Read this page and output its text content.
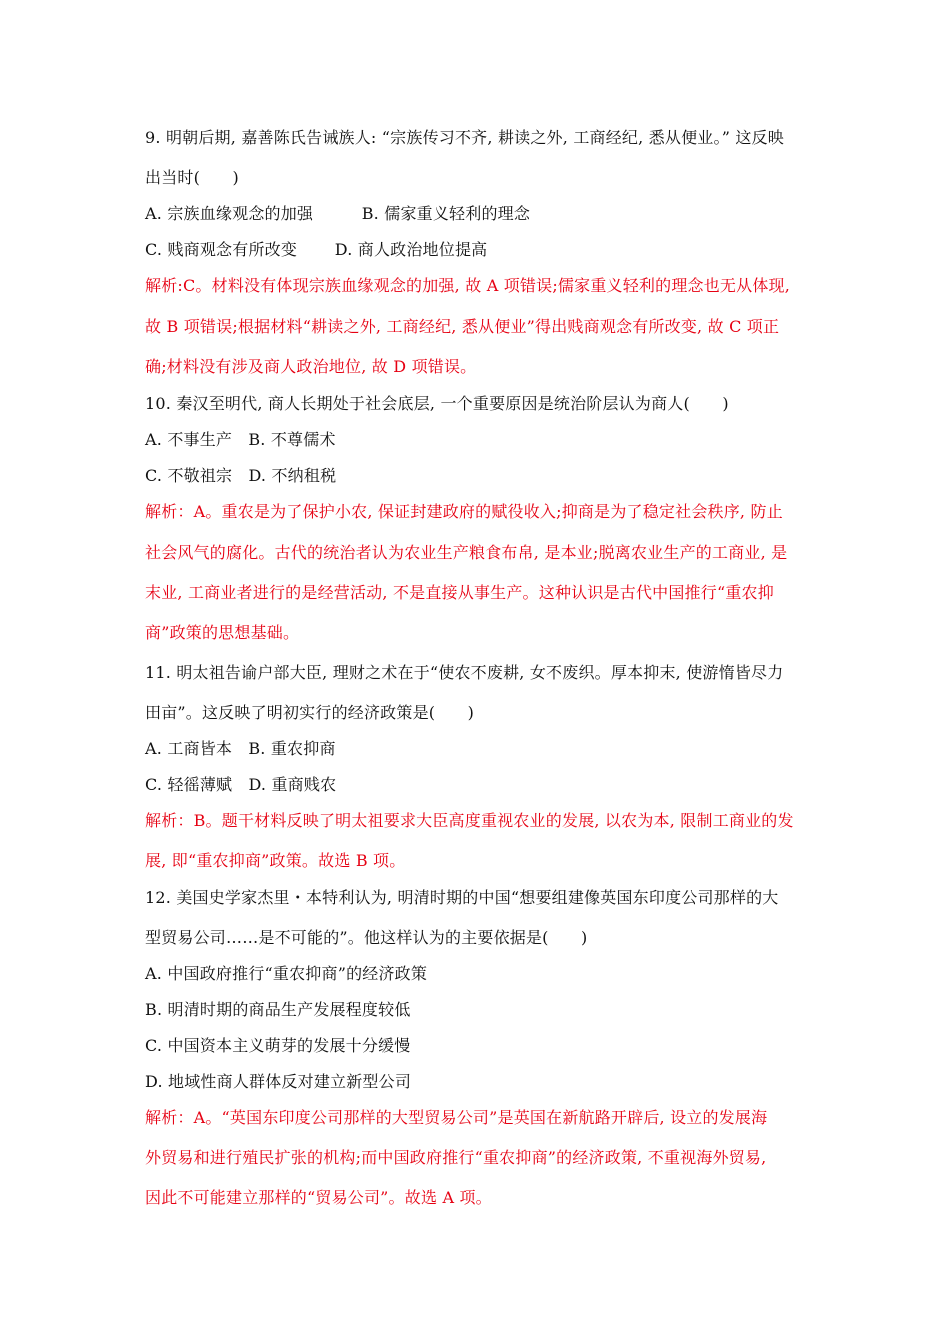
9. 明朝后期, 嘉善陈氏告诫族人: “宗族传习不齐, 耕读之外, 工商经纪, 悉从便业。” 这反映
出当时(　　)
A. 宗族血缘观念的加强　　　B. 儒家重义轻利的理念
C. 贱商观念有所改变　　 D. 商人政治地位提高
解析:C。材料没有体现宗族血缘观念的加强, 故 A 项错误;儒家重义轻利的理念也无从体现,
故 B 项错误;根据材料“耕读之外, 工商经纪, 悉从便业”得出贱商观念有所改变, 故 C 项正
确;材料没有涉及商人政治地位, 故 D 项错误。
10. 秦汉至明代, 商人长期处于社会底层, 一个重要原因是统治阶层认为商人(　　)
A. 不事生产　B. 不尊儒术
C. 不敬祖宗　D. 不纳租税
解析：A。重农是为了保护小农, 保证封建政府的赋役收入;抑商是为了稳定社会秩序, 防止
社会风气的腐化。古代的统治者认为农业生产粮食布帛, 是本业;脱离农业生产的工商业, 是
末业, 工商业者进行的是经营活动, 不是直接从事生产。这种认识是古代中国推行“重农抑
商”政策的思想基础。
11. 明太祖告谕户部大臣, 理财之术在于“使农不废耕, 女不废织。厚本抑末, 使游惰皆尽力
田亩”。这反映了明初实行的经济政策是(　　)
A. 工商皆本　B. 重农抑商
C. 轻徭薄赋　D. 重商贱农
解析：B。题干材料反映了明太祖要求大臣高度重视农业的发展, 以农为本, 限制工商业的发
展, 即“重农抑商”政策。故选 B 项。
12. 美国史学家杰里・本特利认为, 明清时期的中国“想要组建像英国东印度公司那样的大
型贸易公司……是不可能的”。他这样认为的主要依据是(　　)
A. 中国政府推行“重农抑商”的经济政策
B. 明清时期的商品生产发展程度较低
C. 中国资本主义萌芽的发展十分缓慢
D. 地域性商人群体反对建立新型公司
解析：A。“英国东印度公司那样的大型贸易公司”是英国在新航路开辟后, 设立的发展海
外贸易和进行殖民扩张的机构;而中国政府推行“重农抑商”的经济政策, 不重视海外贸易,
因此不可能建立那样的“贸易公司”。故选 A 项。
